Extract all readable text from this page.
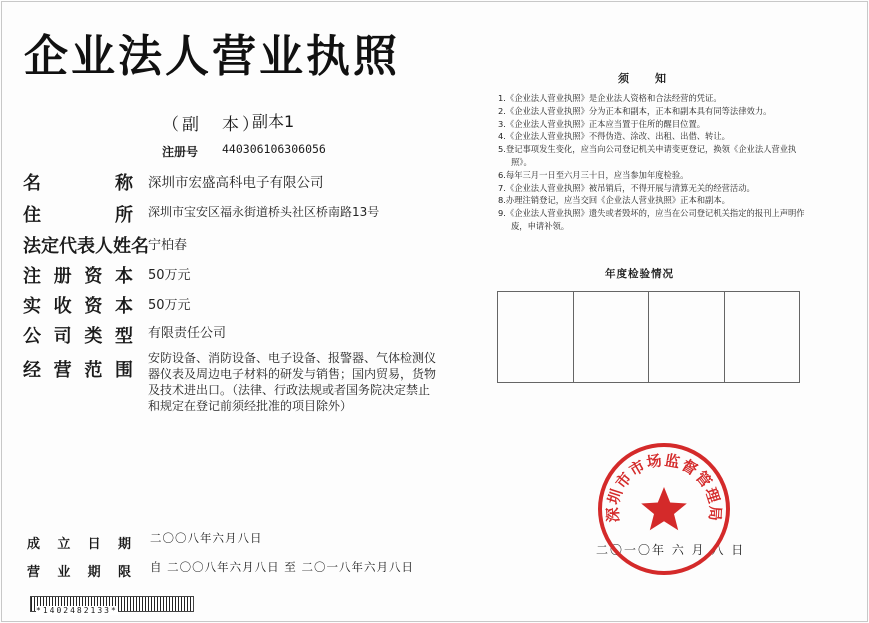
企业法人营业执照
（副　本）
副本1
注册号 440306106306056
名	称 深圳市宏盛高科电子有限公司
住	所 深圳市宝安区福永街道桥头社区桥南路13号
法 定 代 表 人 姓 名 宁柏春
注 册 资 本 50万元
实 收 资 本 50万元
公 司 类 型 有限责任公司
经 营 范 围
安防设备、消防设备、电子设备、报警器、气体检测仪器仪表及周边电子材料的研发与销售；国内贸易，货物及技术进出口。（法律、行政法规或者国务院决定禁止和规定在登记前须经批准的项目除外）
成 立 日 期 二〇〇八年六月八日
营 业 期 限 自 二〇〇八年六月八日 至 二〇一八年六月八日
*1402482133*
须知
1.《企业法人营业执照》是企业法人资格和合法经营的凭证。
2.《企业法人营业执照》分为正本和副本，正本和副本具有同等法律效力。
3.《企业法人营业执照》正本应当置于住所的醒目位置。
4.《企业法人营业执照》不得伪造、涂改、出租、出借、转让。
5.登记事项发生变化，应当向公司登记机关申请变更登记，换领《企业法人营业执照》。
6.每年三月一日至六月三十日，应当参加年度检验。
7.《企业法人营业执照》被吊销后，不得开展与清算无关的经营活动。
8.办理注销登记，应当交回《企业法人营业执照》正本和副本。
9.《企业法人营业执照》遗失或者毁坏的，应当在公司登记机关指定的报刊上声明作废，申请补领。
年度检验情况
二〇一〇年 六 月 八 日
深圳市市场监督管理局
